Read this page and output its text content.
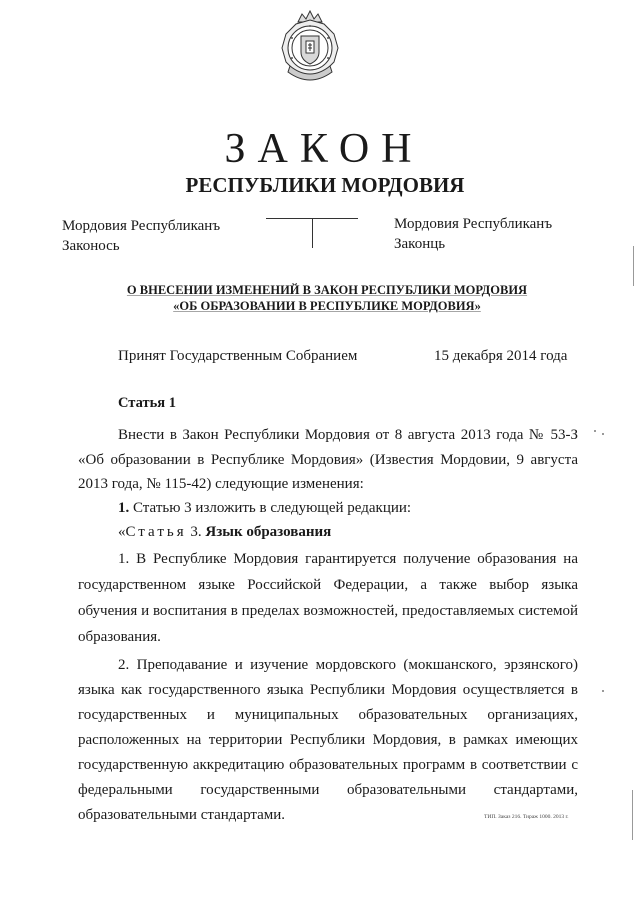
ЗАКОН
РЕСПУБЛИКИ МОРДОВИЯ
Мордовия Республиканъ
Законось
Мордовия Республиканъ
Законць
О ВНЕСЕНИИ ИЗМЕНЕНИЙ В ЗАКОН РЕСПУБЛИКИ МОРДОВИЯ
«ОБ ОБРАЗОВАНИИ В РЕСПУБЛИКЕ МОРДОВИЯ»
Принят Государственным Собранием	15 декабря 2014 года
Статья 1
Внести в Закон Республики Мордовия от 8 августа 2013 года № 53-З
«Об образовании в Республике Мордовия» (Известия Мордовии, 9 августа
2013 года, № 115-42) следующие изменения:
1. Статью 3 изложить в следующей редакции:
«Статья 3. Язык образования
1. В Республике Мордовия гарантируется получение образования на
государственном языке Российской Федерации, а также выбор языка
обучения и воспитания в пределах возможностей, предоставляемых системой
образования.
2. Преподавание и изучение мордовского (мокшанского, эрзянского)
языка как государственного языка Республики Мордовия осуществляется в
государственных и муниципальных образовательных организациях,
расположенных на территории Республики Мордовия, в рамках имеющих
государственную аккредитацию образовательных программ в соответствии с
федеральными государственными образовательными стандартами,
образовательными стандартами.	ТИП. Заказ 216. Тираж 1000. 2013 г.
